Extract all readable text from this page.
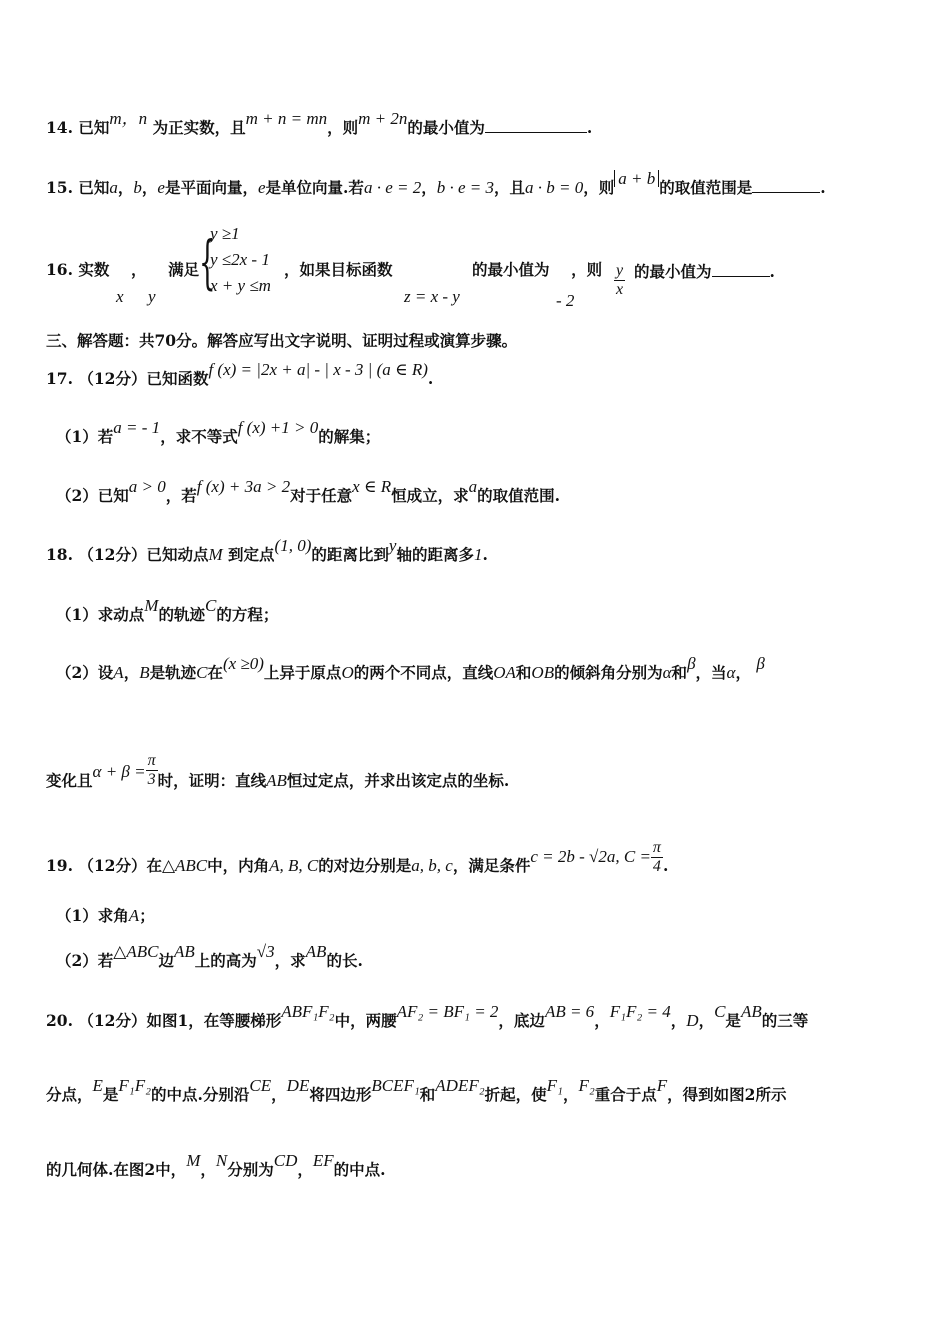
14. 已知m，n 为正实数，且m + n = mn，则m + 2n的最小值为	.
15. 已知a，b，e是平面向量，e是单位向量.若a · e = 2，b · e = 3，且a · b = 0，则 a + b 的取值范围是	.
16. 实数 ， 满足
x y
{
y ≥1
y ≤2x - 1
x + y ≤m
，如果目标函数
z = x - y
的最小值为 ，则
- 2
$\frac{y}{x}$ 的最小值为	.
三、解答题：共70分。解答应写出文字说明、证明过程或演算步骤。
17. （12分）已知函数f (x) = |2x + a| - | x - 3 | (a ∈ R).
（1）若a = - 1，求不等式f (x) +1 > 0的解集；
（2）已知a > 0，若f (x) + 3a > 2对于任意x ∈ R恒成立，求a的取值范围.
18. （12分）已知动点M 到定点(1, 0)的距离比到y轴的距离多1.
（1）求动点M的轨迹C的方程；
（2）设A，B是轨迹C在(x ≥0)上异于原点O的两个不同点，直线OA和OB的倾斜角分别为α和β，当α， β
变化且$\alpha + \beta = \frac{\pi}{3}$ 时，证明：直线AB恒过定点，并求出该定点的坐标.
19. （12分）在△ABC中，内角A, B, C的对边分别是a, b, c，满足条件c = 2b - √2a, $C = \frac{\pi}{4}$ .
（1）求角A；
（2）若△ABC边AB上的高为√3，求AB的长.
20. （12分）如图1，在等腰梯形ABF₁F₂中，两腰AF₂ = BF₁ = 2，底边AB = 6，F₁F₂ = 4，D，C是AB的三等
分点，E是F₁F₂的中点.分别沿CE，DE将四边形BCEF₁和ADEF₂折起，使F₁，F₂重合于点F，得到如图2所示
的几何体.在图2中，M，N分别为CD，EF的中点.
